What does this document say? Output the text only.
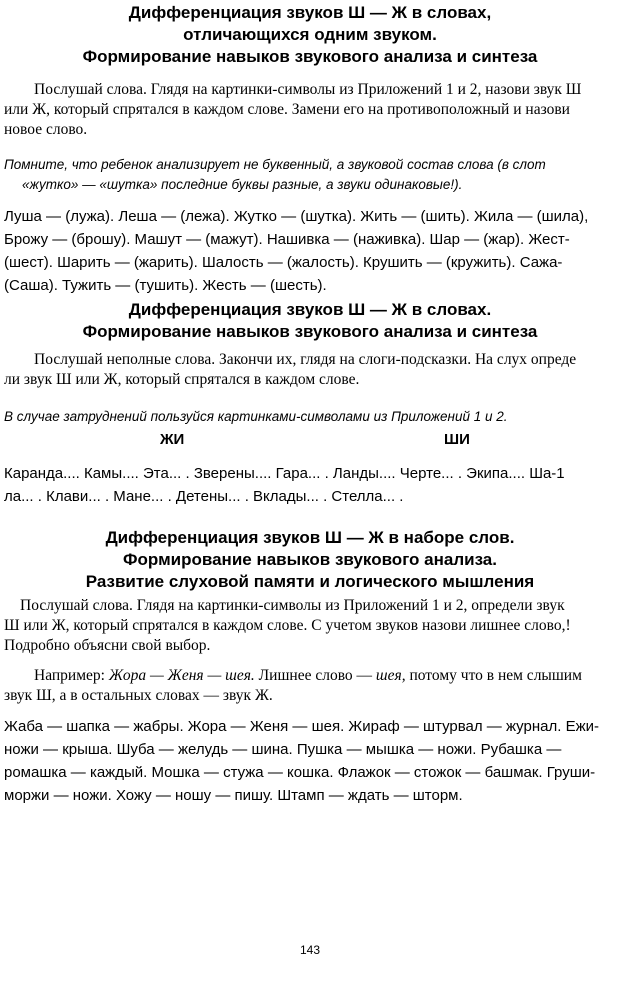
Дифференциация звуков Ш — Ж в словах,
отличающихся одним звуком.
Формирование навыков звукового анализа и синтеза
Послушай слова. Глядя на картинки-символы из Приложений 1 и 2, назови звук Ш
или Ж, который спрятался в каждом слове. Замени его на противоположный и назови
новое слово.
Помните, что ребенок анализирует не буквенный, а звуковой состав слова (в слот
«жутко» — «шутка» последние буквы разные, а звуки одинаковые!).
Луша — (лужа). Леша — (лежа). Жутко — (шутка). Жить — (шить). Жила — (шила),
Брожу — (брошу). Машут — (мажут). Нашивка — (наживка). Шар — (жар). Жест-
(шест). Шарить — (жарить). Шалость — (жалость). Крушить — (кружить). Сажа-
(Саша). Тужить — (тушить). Жесть — (шесть).
Дифференциация звуков Ш — Ж в словах.
Формирование навыков звукового анализа и синтеза
Послушай неполные слова. Закончи их, глядя на слоги-подсказки. На слух опреде
ли звук Ш или Ж, который спрятался в каждом слове.
В случае затруднений пользуйся картинками-символами из Приложений 1 и 2.
ЖИ	ШИ
Каранда.... Камы.... Эта... . Зверены.... Гара... . Ланды.... Черте... . Экипа.... Ша-1
ла... . Клави... . Мане... . Детены... . Вклады... . Стелла... .
Дифференциация звуков Ш — Ж в наборе слов.
Формирование навыков звукового анализа.
Развитие слуховой памяти и логического мышления
Послушай слова. Глядя на картинки-символы из Приложений 1 и 2, определи звук
Ш или Ж, который спрятался в каждом слове. С учетом звуков назови лишнее слово,!
Подробно объясни свой выбор.
Например: Жора — Женя — шея. Лишнее слово — шея, потому что в нем слышим
звук Ш, а в остальных словах — звук Ж.
Жаба — шапка — жабры. Жора — Женя — шея. Жираф — штурвал — журнал. Ежи-
ножи — крыша. Шуба — желудь — шина. Пушка — мышка — ножи. Рубашка —
ромашка — каждый. Мошка — стужа — кошка. Флажок — стожок — башмак. Груши-
моржи — ножи. Хожу — ношу — пишу. Штамп — ждать — шторм.
143
